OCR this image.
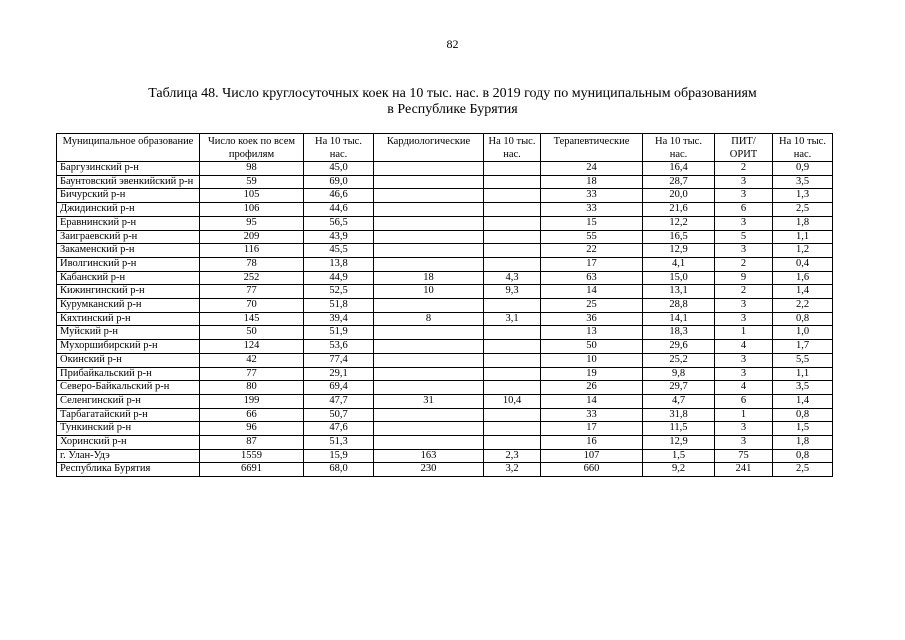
82
Таблица 48. Число круглосуточных коек на 10 тыс. нас. в 2019 году по муниципальным образованиям
в Республике Бурятия
Муниципальное образование	Число коек по всем профилям	На 10 тыс. нас.	Кардиологические	На 10 тыс. нас.	Терапевтические	На 10 тыс. нас.	ПИТ/ ОРИТ	На 10 тыс. нас.
Баргузинский р-н	98	45,0			24	16,4	2	0,9
Баунтовский эвенкийский р-н	59	69,0			18	28,7	3	3,5
Бичурский р-н	105	46,6			33	20,0	3	1,3
Джидинский р-н	106	44,6			33	21,6	6	2,5
Еравнинский р-н	95	56,5			15	12,2	3	1,8
Заиграевский р-н	209	43,9			55	16,5	5	1,1
Закаменский р-н	116	45,5			22	12,9	3	1,2
Иволгинский р-н	78	13,8			17	4,1	2	0,4
Кабанский р-н	252	44,9	18	4,3	63	15,0	9	1,6
Кижингинский р-н	77	52,5	10	9,3	14	13,1	2	1,4
Курумканский р-н	70	51,8			25	28,8	3	2,2
Кяхтинский р-н	145	39,4	8	3,1	36	14,1	3	0,8
Муйский р-н	50	51,9			13	18,3	1	1,0
Мухоршибирский р-н	124	53,6			50	29,6	4	1,7
Окинский р-н	42	77,4			10	25,2	3	5,5
Прибайкальский р-н	77	29,1			19	9,8	3	1,1
Северо-Байкальский р-н	80	69,4			26	29,7	4	3,5
Селенгинский р-н	199	47,7	31	10,4	14	4,7	6	1,4
Тарбагатайский р-н	66	50,7			33	31,8	1	0,8
Тункинский р-н	96	47,6			17	11,5	3	1,5
Хоринский р-н	87	51,3			16	12,9	3	1,8
г. Улан-Удэ	1559	15,9	163	2,3	107	1,5	75	0,8
Республика Бурятия	6691	68,0	230	3,2	660	9,2	241	2,5
